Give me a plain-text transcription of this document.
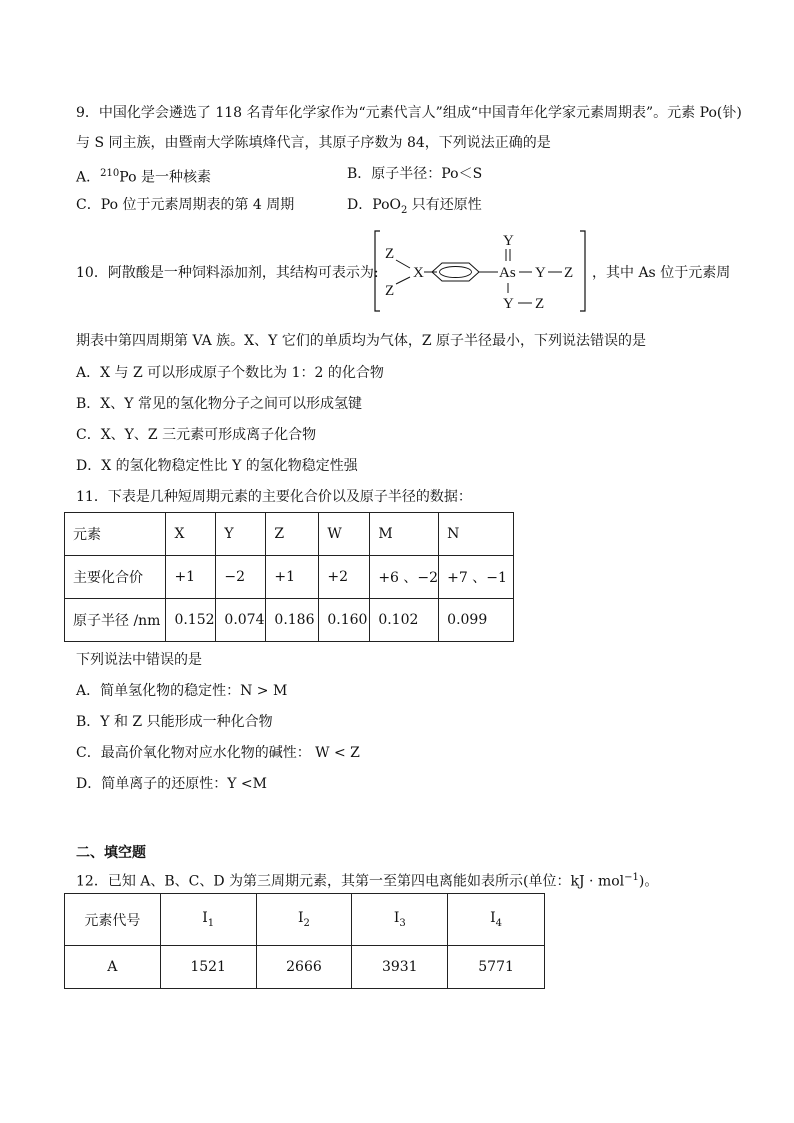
9．中国化学会遴选了 118 名青年化学家作为“元素代言人”组成“中国青年化学家元素周期表”。元素 Po(钋)
与 S 同主族，由暨南大学陈填烽代言，其原子序数为 84，下列说法正确的是
A．$^{210}$Po 是一种核素	B．原子半径：Po＜S
C．Po 位于元素周期表的第 4 周期	D．PoO$_2$ 只有还原性
10．阿散酸是一种饲料添加剂，其结构可表示为:
Z
Z
X	As
Y
Y Z
Y Z
，其中 As 位于元素周
期表中第四周期第 VA 族。X、Y 它们的单质均为气体，Z 原子半径最小，下列说法错误的是
A．X 与 Z 可以形成原子个数比为 1：2 的化合物
B．X、Y 常见的氢化物分子之间可以形成氢键
C．X、Y、Z 三元素可形成离子化合物
D．X 的氢化物稳定性比 Y 的氢化物稳定性强
11．下表是几种短周期元素的主要化合价以及原子半径的数据：
元素	X	Y	Z	W	M	N
主要化合价	+1	−2	+1	+2	+6 、−2	+7 、−1
原子半径 /nm	0.152	0.074	0.186	0.160	0.102	0.099
下列说法中错误的是
A．简单氢化物的稳定性：N > M
B．Y 和 Z 只能形成一种化合物
C．最高价氧化物对应水化物的碱性： W < Z
D．简单离子的还原性：Y <M
二、填空题
12．已知 A、B、C、D 为第三周期元素，其第一至第四电离能如表所示(单位：kJ · mol$^{-1}$)。
元素代号	$I_1$	$I_2$	$I_3$	$I_4$
A	1521	2666	3931	5771
